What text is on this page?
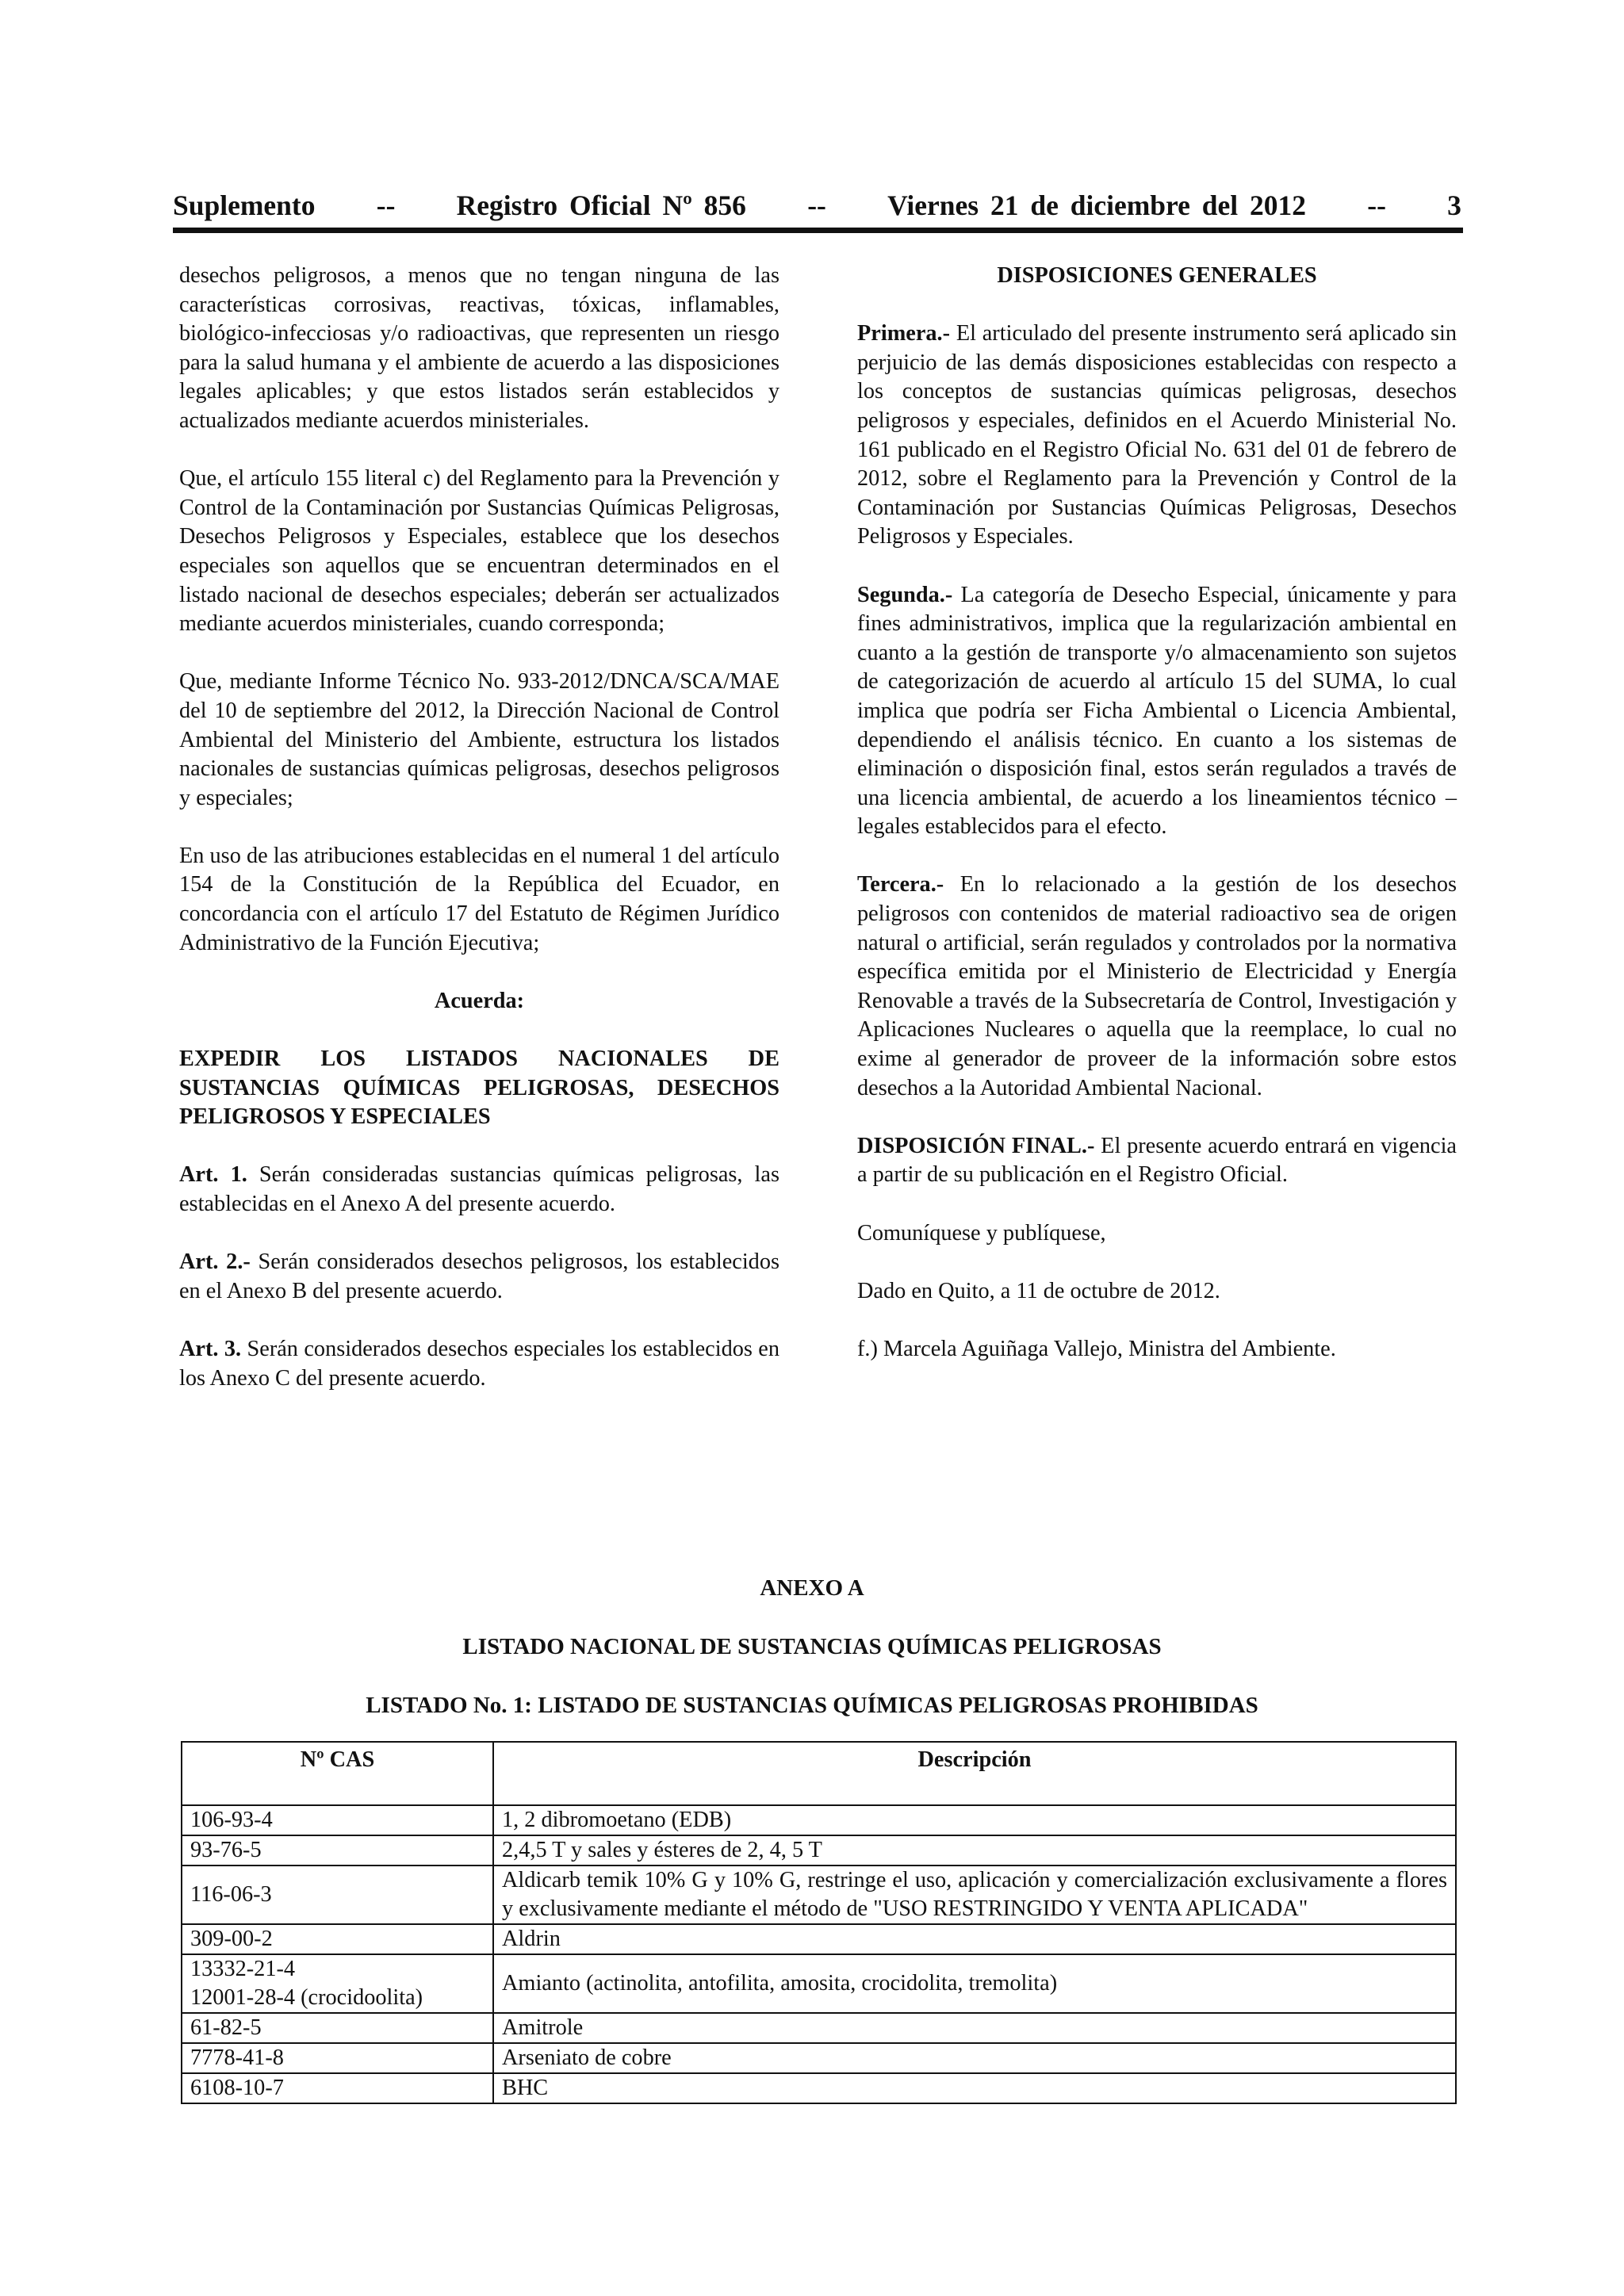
Suplemento -- Registro Oficial Nº 856 -- Viernes 21 de diciembre del 2012 -- 3

desechos peligrosos, a menos que no tengan ninguna de las características corrosivas, reactivas, tóxicas, inflamables, biológico-infecciosas y/o radioactivas, que representen un riesgo para la salud humana y el ambiente de acuerdo a las disposiciones legales aplicables; y que estos listados serán establecidos y actualizados mediante acuerdos ministeriales.

Que, el artículo 155 literal c) del Reglamento para la Prevención y Control de la Contaminación por Sustancias Químicas Peligrosas, Desechos Peligrosos y Especiales, establece que los desechos especiales son aquellos que se encuentran determinados en el listado nacional de desechos especiales; deberán ser actualizados mediante acuerdos ministeriales, cuando corresponda;

Que, mediante Informe Técnico No. 933-2012/DNCA/SCA/MAE del 10 de septiembre del 2012, la Dirección Nacional de Control Ambiental del Ministerio del Ambiente, estructura los listados nacionales de sustancias químicas peligrosas, desechos peligrosos y especiales;

En uso de las atribuciones establecidas en el numeral 1 del artículo 154 de la Constitución de la República del Ecuador, en concordancia con el artículo 17 del Estatuto de Régimen Jurídico Administrativo de la Función Ejecutiva;

Acuerda:

EXPEDIR LOS LISTADOS NACIONALES DE SUSTANCIAS QUÍMICAS PELIGROSAS, DESECHOS PELIGROSOS Y ESPECIALES

Art. 1. Serán consideradas sustancias químicas peligrosas, las establecidas en el Anexo A del presente acuerdo.

Art. 2.- Serán considerados desechos peligrosos, los establecidos en el Anexo B del presente acuerdo.

Art. 3. Serán considerados desechos especiales los establecidos en los Anexo C del presente acuerdo.

DISPOSICIONES GENERALES

Primera.- El articulado del presente instrumento será aplicado sin perjuicio de las demás disposiciones establecidas con respecto a los conceptos de sustancias químicas peligrosas, desechos peligrosos y especiales, definidos en el Acuerdo Ministerial No. 161 publicado en el Registro Oficial No. 631 del 01 de febrero de 2012, sobre el Reglamento para la Prevención y Control de la Contaminación por Sustancias Químicas Peligrosas, Desechos Peligrosos y Especiales.

Segunda.- La categoría de Desecho Especial, únicamente y para fines administrativos, implica que la regularización ambiental en cuanto a la gestión de transporte y/o almacenamiento son sujetos de categorización de acuerdo al artículo 15 del SUMA, lo cual implica que podría ser Ficha Ambiental o Licencia Ambiental, dependiendo el análisis técnico. En cuanto a los sistemas de eliminación o disposición final, estos serán regulados a través de una licencia ambiental, de acuerdo a los lineamientos técnico – legales establecidos para el efecto.

Tercera.- En lo relacionado a la gestión de los desechos peligrosos con contenidos de material radioactivo sea de origen natural o artificial, serán regulados y controlados por la normativa específica emitida por el Ministerio de Electricidad y Energía Renovable a través de la Subsecretaría de Control, Investigación y Aplicaciones Nucleares o aquella que la reemplace, lo cual no exime al generador de proveer de la información sobre estos desechos a la Autoridad Ambiental Nacional.

DISPOSICIÓN FINAL.- El presente acuerdo entrará en vigencia a partir de su publicación en el Registro Oficial.

Comuníquese y publíquese,

Dado en Quito, a 11 de octubre de 2012.

f.) Marcela Aguiñaga Vallejo, Ministra del Ambiente.

ANEXO A
LISTADO NACIONAL DE SUSTANCIAS QUÍMICAS PELIGROSAS
LISTADO No. 1: LISTADO DE SUSTANCIAS QUÍMICAS PELIGROSAS PROHIBIDAS
Nº CAS	Descripción
106-93-4	1, 2 dibromoetano (EDB)
93-76-5	2,4,5 T y sales y ésteres de 2, 4, 5 T
116-06-3	Aldicarb temik 10% G y 10% G, restringe el uso, aplicación y comercialización exclusivamente a flores y exclusivamente mediante el método de "USO RESTRINGIDO Y VENTA APLICADA"
309-00-2	Aldrin

13332-21-4
12001-28-4 (crocidoolita)	Amianto (actinolita, antofilita, amosita, crocidolita, tremolita)
61-82-5	Amitrole
7778-41-8	Arseniato de cobre
6108-10-7	BHC
